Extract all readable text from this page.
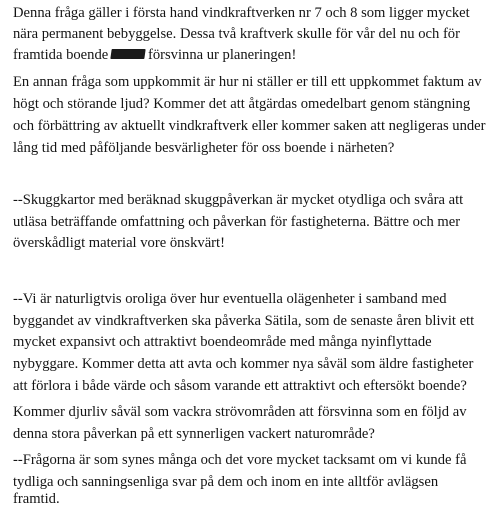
Denna fråga gäller i första hand vindkraftverken nr 7 och 8 som ligger mycket
nära permanent bebyggelse. Dessa två kraftverk skulle för vår del nu och för
framtida boende	försvinna ur planeringen!
En annan fråga som uppkommit är hur ni ställer er till ett uppkommet faktum av
högt och störande ljud? Kommer det att åtgärdas omedelbart genom stängning
och förbättring av aktuellt vindkraftverk eller kommer saken att negligeras under
lång tid med påföljande besvärligheter för oss boende i närheten?
--Skuggkartor med beräknad skuggpåverkan är mycket otydliga och svåra att
utläsa beträffande omfattning och påverkan för fastigheterna. Bättre och mer
överskådligt material vore önskvärt!
--Vi är naturligtvis oroliga över hur eventuella olägenheter i samband med
byggandet av vindkraftverken ska påverka Sätila, som de senaste åren blivit ett
mycket expansivt och attraktivt boendeområde med många nyinflyttade
nybyggare. Kommer detta att avta och kommer nya såväl som äldre fastigheter
att förlora i både värde och såsom varande ett attraktivt och eftersökt boende?
Kommer djurliv såväl som vackra strövområden att försvinna som en följd av
denna stora påverkan på ett synnerligen vackert naturområde?
--Frågorna är som synes många och det vore mycket tacksamt om vi kunde få
tydliga och sanningsenliga svar på dem och inom en inte alltför avlägsen
framtid.
